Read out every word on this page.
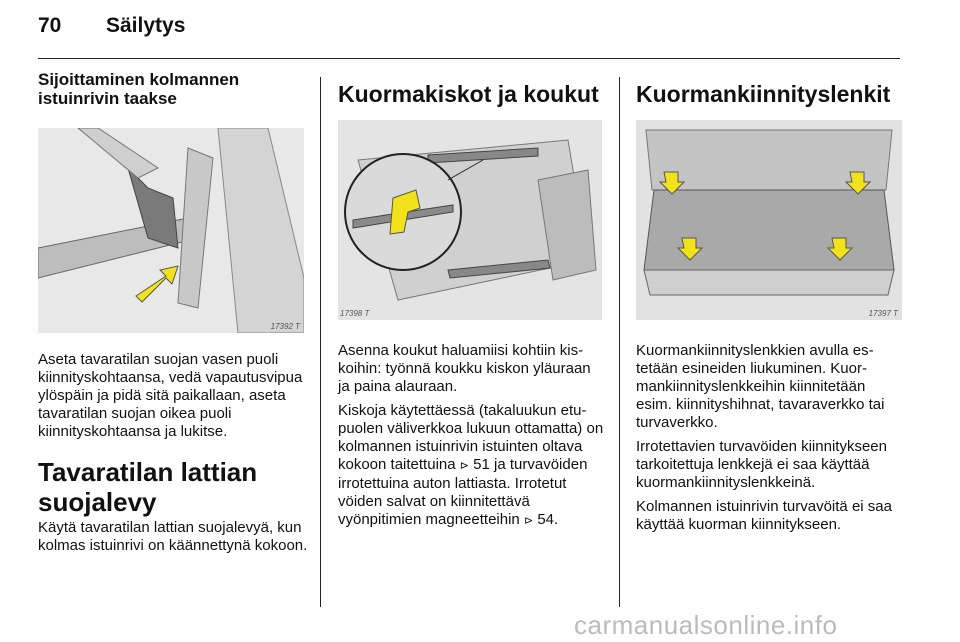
70 Säilytys
Sijoittaminen kolmannen istuinrivin taakse
17392 T

Aseta tavaratilan suojan vasen puoli kiinnityskohtaansa, vedä vapautusvipua ylöspäin ja pidä sitä paikallaan, aseta tavaratilan suojan oikea puoli kiinnityskohtaansa ja lukitse.

Tavaratilan lattian suojalevy

Käytä tavaratilan lattian suojalevyä, kun kolmas istuinrivi on käännettynä kokoon.

Kuormakiskot ja koukut
17398 T

Asenna koukut haluamiisi kohtiin kiskoihin: työnnä koukku kiskon yläuraan ja paina alauraan.

Kiskoja käytettäessä (takaluukun etupuolen väliverkkoa lukuun ottamatta) on kolmannen istuinrivin istuinten oltava kokoon taitettuina ⊳ 51 ja turvavöiden irrotettuina auton lattiasta. Irrotetut vöiden salvat on kiinnitettävä vyönpitimien magneetteihin ⊳ 54.

Kuormankiinnityslenkit
17397 T

Kuormankiinnityslenkkien avulla estetään esineiden liukuminen. Kuormankiinnityslenkkeihin kiinnitetään esim. kiinnityshihnat, tavaraverkko tai turvaverkko.

Irrotettavien turvavöiden kiinnitykseen tarkoitettuja lenkkejä ei saa käyttää kuormankiinnityslenkkeinä.

Kolmannen istuinrivin turvavöitä ei saa käyttää kuorman kiinnitykseen.

carmanualsonline.info
